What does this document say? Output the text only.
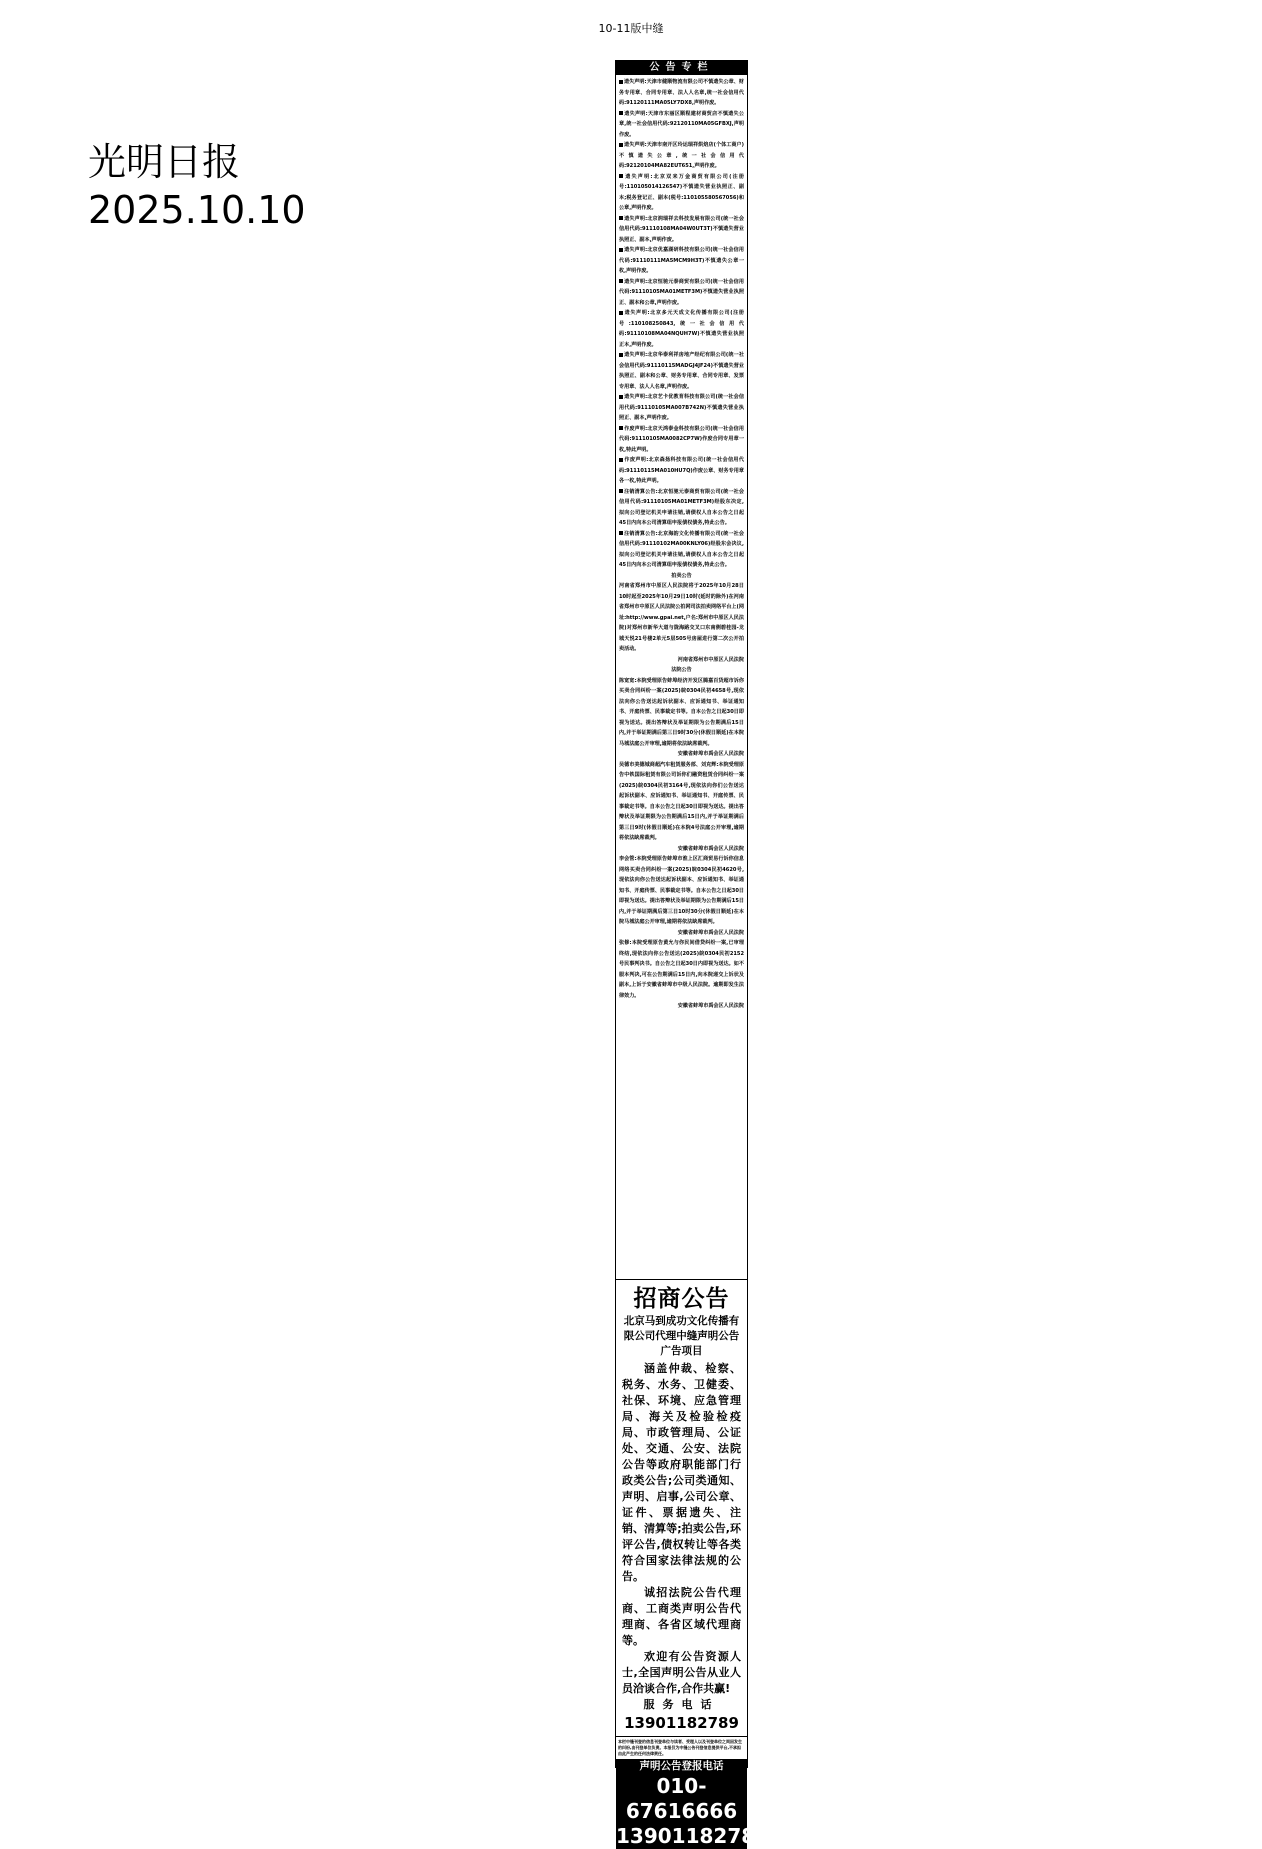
10-11版中缝
光明日报
2025.10.10
公告专栏
遗失声明:天津市健顺物流有限公司不慎遗失公章、财务专用章、合同专用章、法人人名章,统一社会信用代码:91120111MA05LY7DX8,声明作废。
遗失声明:天津市东丽区顺程建材商贸店不慎遗失公章,统一社会信用代码:92120110MA05GFBXJ,声明作废。
遗失声明:天津市南开区玲运瑞祥烘焙店(个体工商户)不慎遗失公章,统一社会信用代码:92120104MA82EUT651,声明作废。
遗失声明:北京双来万金商贸有限公司(注册号:110105014126547)不慎遗失营业执照正、副本;税务登记正、副本(税号:110105580567056)和公章,声明作废。
遗失声明:北京润瑞祥去科技发展有限公司(统一社会信用代码:91110108MA04W0UT3T)不慎遗失营业执照正、副本,声明作废。
遗失声明:北京优嘉湖研科技有限公司(统一社会信用代码:91110111MA5MCM9H3T)不慎遗失公章一枚,声明作废。
遗失声明:北京恒驰元泰商贸有限公司(统一社会信用代码:91110105MA01METF3M)不慎遗失营业执照正、副本和公章,声明作废。
遗失声明:北京多元天成文化传播有限公司(注册号:110108250843,统一社会信用代码:91110108MA04NQUH7W)不慎遗失营业执照正本,声明作废。
遗失声明:北京华泰利祥房地产经纪有限公司(统一社会信用代码:91110115MADGJ4JF24)不慎遗失营业执照正、副本和公章、财务专用章、合同专用章、发票专用章、法人人名章,声明作废。
遗失声明:北京艺卡优教育科技有限公司(统一社会信用代码:91110105MA007B742N)不慎遗失营业执照正、副本,声明作废。
作废声明:北京天鸿泰金科技有限公司(统一社会信用代码:91110105MA0082CP7W)作废合同专用章一枚,特此声明。
作废声明:北京森扬科技有限公司(统一社会信用代码:91110115MA010HU7Q)作废公章、财务专用章各一枚,特此声明。
注销清算公告:北京恒驰元泰商贸有限公司(统一社会信用代码:91110105MA01METF3M)经股东决定,拟向公司登记机关申请注销,请债权人自本公告之日起45日内向本公司清算组申报债权债务,特此公告。
注销清算公告:北京海韵文化传播有限公司(统一社会信用代码:91110102MA00KNLY06)经股东会决议,拟向公司登记机关申请注销,请债权人自本公告之日起45日内向本公司清算组申报债权债务,特此公告。
拍卖公告
河南省郑州市中原区人民法院将于2025年10月28日10时起至2025年10月29日10时(延时的除外)在河南省郑州市中原区人民法院公拍网司法拍卖网络平台上(网址:http://www.gpai.net,户名:郑州市中原区人民法院)对郑州市新华大道与陇海路交叉口东南侧碧桂园-龙城天悦21号楼2单元5层505号房屋进行第二次公开拍卖活动。
河南省郑州市中原区人民法院
法院公告
陈宽宽:本院受理原告蚌埠经济开发区腾嘉百货超市诉你买卖合同纠纷一案(2025)皖0304民初4658号,现依法向你公告送达起诉状副本、应诉通知书、举证通知书、开庭传票、民事裁定书等。自本公告之日起30日即视为送达。提出答辩状及举证期限为公告期满后15日内,并于举证期满后第三日9时30分(休假日顺延)在本院马城法庭公开审理,逾期将依法缺席裁判。
安徽省蚌埠市禹会区人民法院
吴德市美德城商超汽车租赁服务部、刘克辉:本院受理原告中铁国际租赁有限公司诉你们融资租赁合同纠纷一案(2025)皖0304民初3164号,现依法向你们公告送达起诉状副本、应诉通知书、举证通知书、开庭传票、民事裁定书等。自本公告之日起30日即视为送达。提出答辩状及举证期限为公告期满后15日内,并于举证期满后第三日9时(休假日顺延)在本院4号法庭公开审理,逾期将依法缺席裁判。
安徽省蚌埠市禹会区人民法院
李会管:本院受理原告蚌埠市淮上区汇商贸易行诉你信息网络买卖合同纠纷一案(2025)皖0304民初4620号,现依法向你公告送达起诉状副本、应诉通知书、举证通知书、开庭传票、民事裁定书等。自本公告之日起30日即视为送达。提出答辩状及举证期限为公告期满后15日内,并于举证期满后第三日10时30分(休假日顺延)在本院马城法庭公开审理,逾期将依法缺席裁判。
安徽省蚌埠市禹会区人民法院
张修:本院受理原告黄允与你民间借贷纠纷一案,已审理终结,现依法向你公告送达(2025)皖0304民初2152号民事判决书。自公告之日起30日内即视为送达。如不服本判决,可在公告期满后15日内,向本院递交上诉状及副本,上诉于安徽省蚌埠市中级人民法院。逾期即发生法律效力。
安徽省蚌埠市禹会区人民法院
招商公告
北京马到成功文化传播有限公司代理中缝声明公告广告项目
涵盖仲裁、检察、税务、水务、卫健委、社保、环境、应急管理局、海关及检验检疫局、市政管理局、公证处、交通、公安、法院公告等政府职能部门行政类公告;公司类通知、声明、启事,公司公章、证件、票据遗失、注销、清算等;拍卖公告,环评公告,债权转让等各类符合国家法律法规的公告。
诚招法院公告代理商、工商类声明公告代理商、各省区域代理商等。
欢迎有公告资源人士,全国声明公告从业人员洽谈合作,合作共赢!
服务电话
13901182789
本栏中缝刊登的信息刊登单位与读者、受理人以及刊登单位之间因发生的纠纷,由刊登单位负责。本报仅为中缝公告刊登信息提供平台,不承担由此产生的任何法律责任。
声明公告登报电话
010-67616666
13901182789
